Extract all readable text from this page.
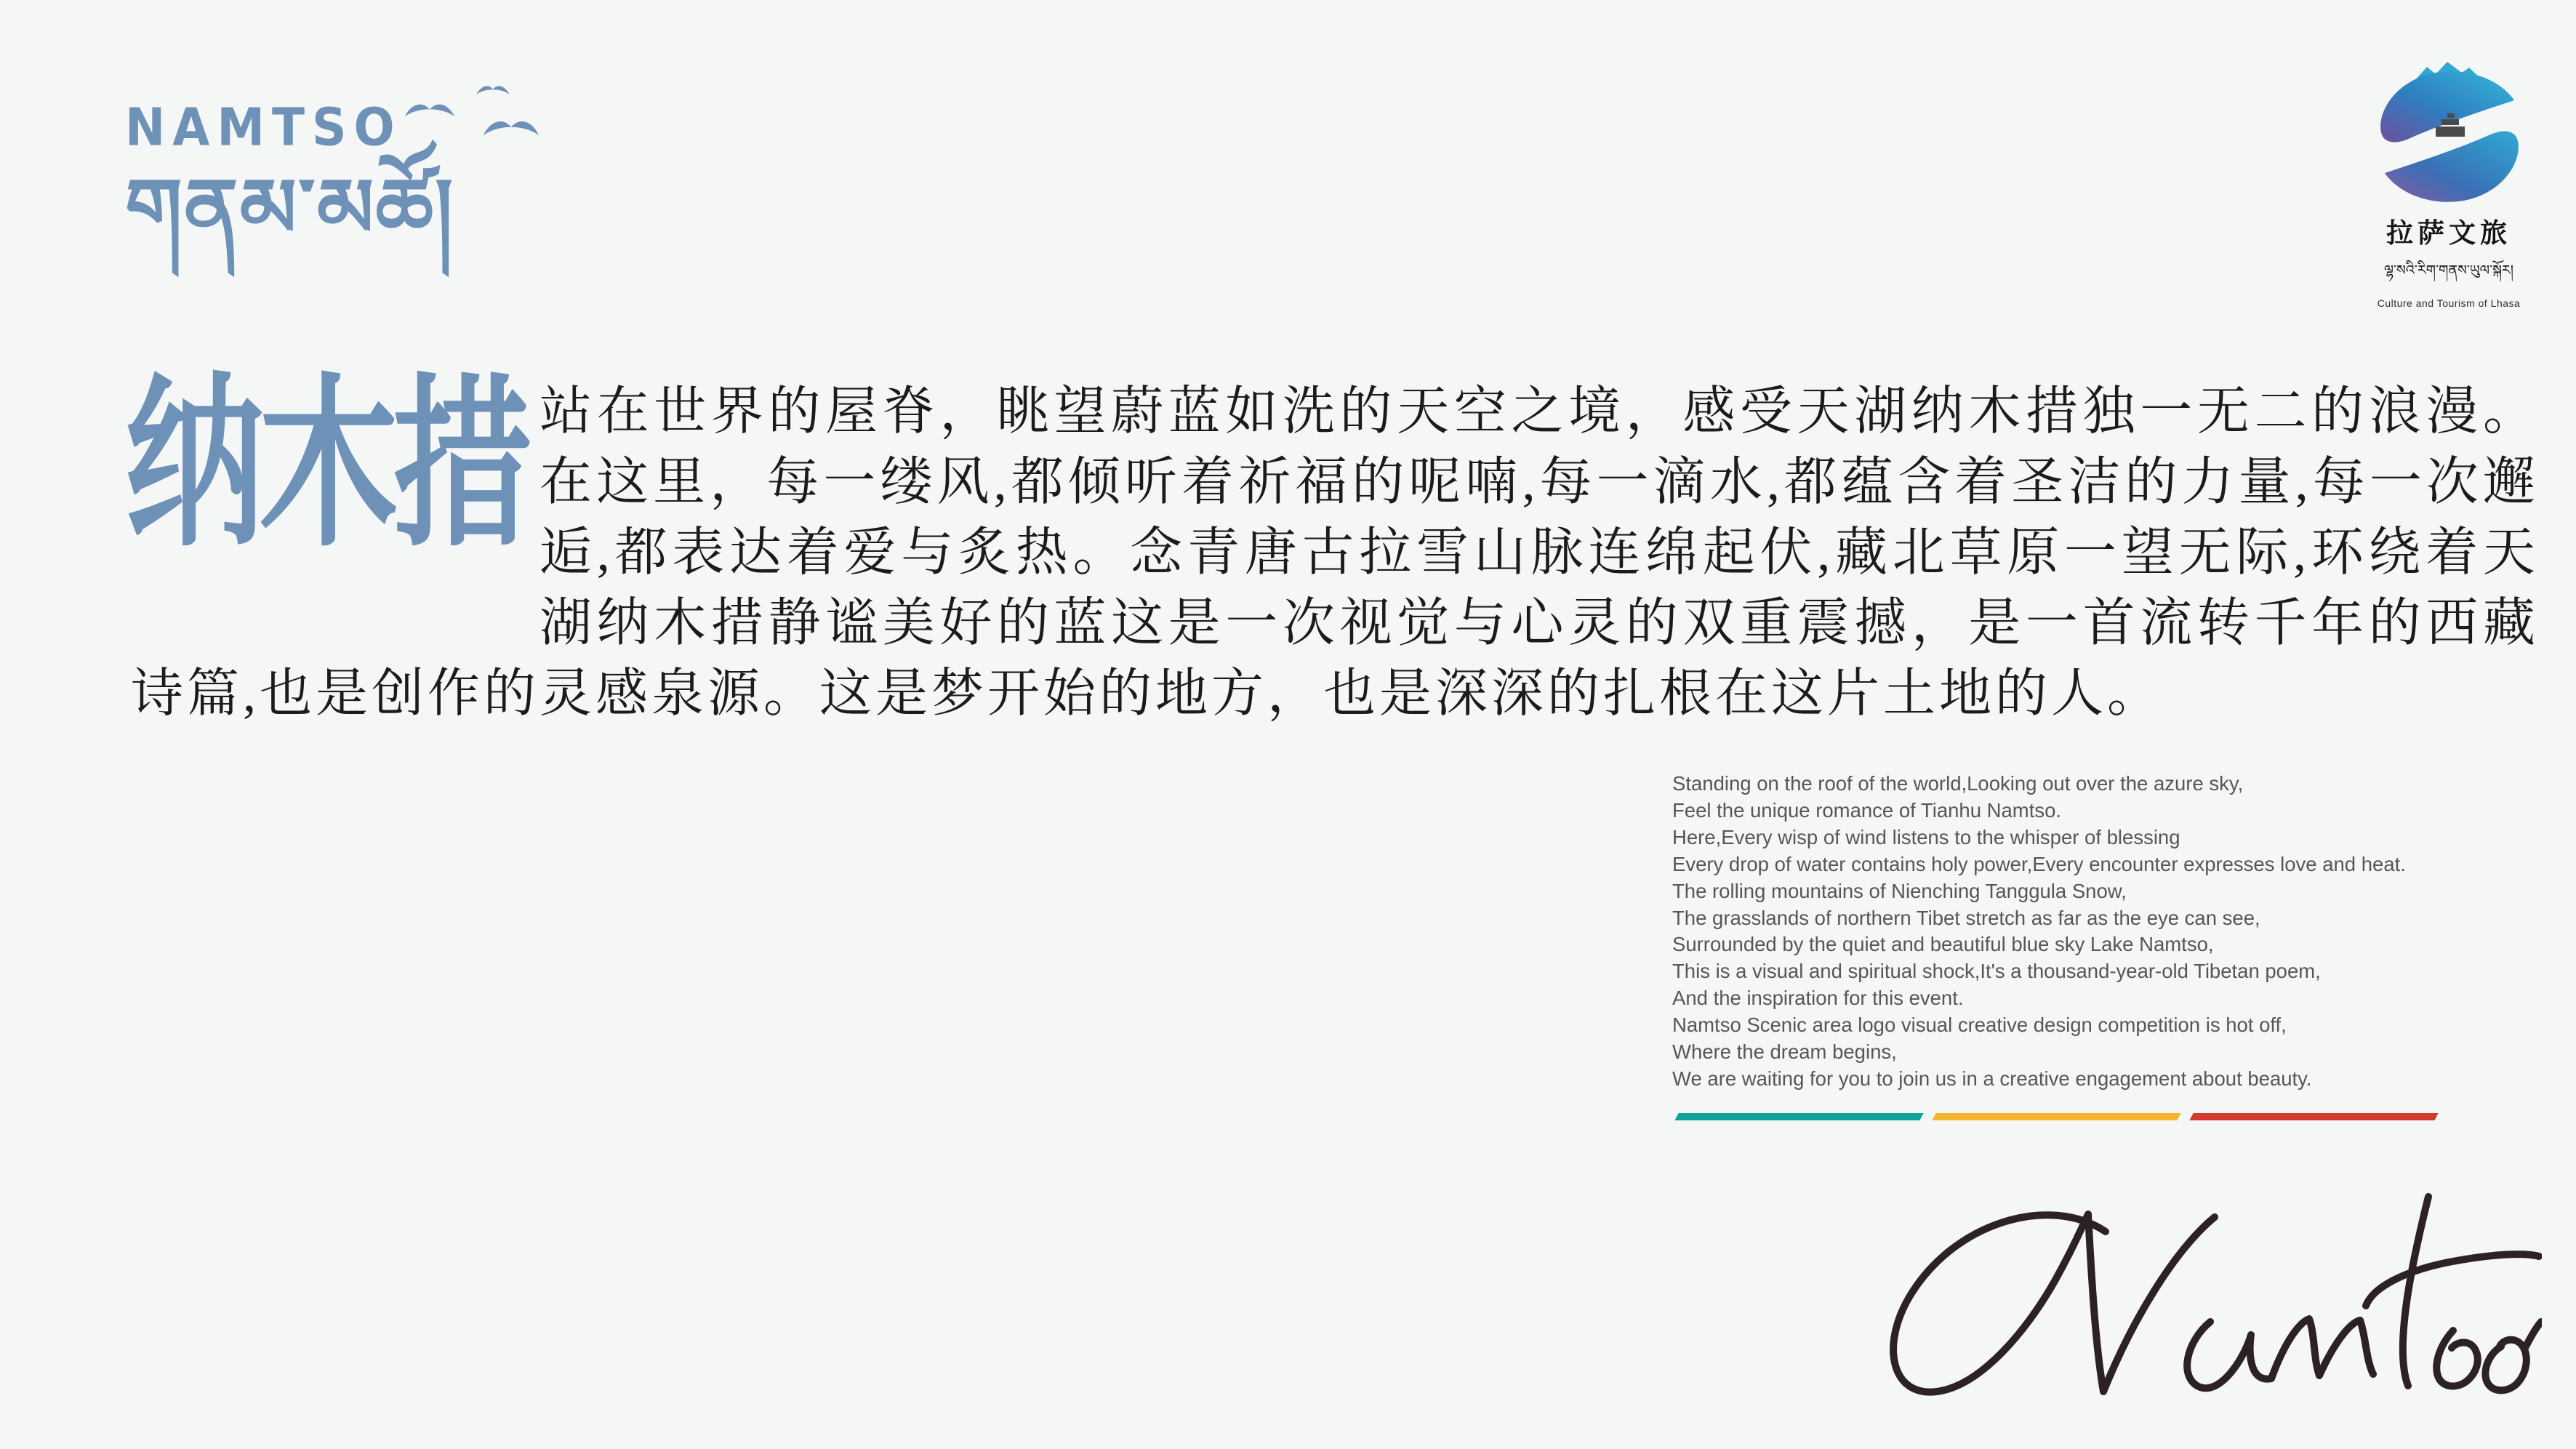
NAMTSO
གནམ་མཚོ།	拉萨文旅
ལྷ་སའི་རིག་གནས་ཡུལ་སྐོར།
Culture and Tourism of Lhasa
纳木措 站在世界的屋脊，眺望蔚蓝如洗的天空之境，感受天湖纳木措独一无二的浪漫。在这里，每一缕风,都倾听着祈福的呢喃,每一滴水,都蕴含着圣洁的力量,每一次邂逅,都表达着爱与炙热。念青唐古拉雪山脉连绵起伏,藏北草原一望无际,环绕着天湖纳木措静谧美好的蓝这是一次视觉与心灵的双重震撼，是一首流转千年的西藏诗篇,也是创作的灵感泉源。这是梦开始的地方，也是深深的扎根在这片土地的人。
Standing on the roof of the world,Looking out over the azure sky,
Feel the unique romance of Tianhu Namtso.
Here,Every wisp of wind listens to the whisper of blessing
Every drop of water contains holy power,Every encounter expresses love and heat.
The rolling mountains of Nienching Tanggula Snow,
The grasslands of northern Tibet stretch as far as the eye can see,
Surrounded by the quiet and beautiful blue sky Lake Namtso,
This is a visual and spiritual shock,It's a thousand-year-old Tibetan poem,
And the inspiration for this event.
Namtso Scenic area logo visual creative design competition is hot off,
Where the dream begins,
We are waiting for you to join us in a creative engagement about beauty.
